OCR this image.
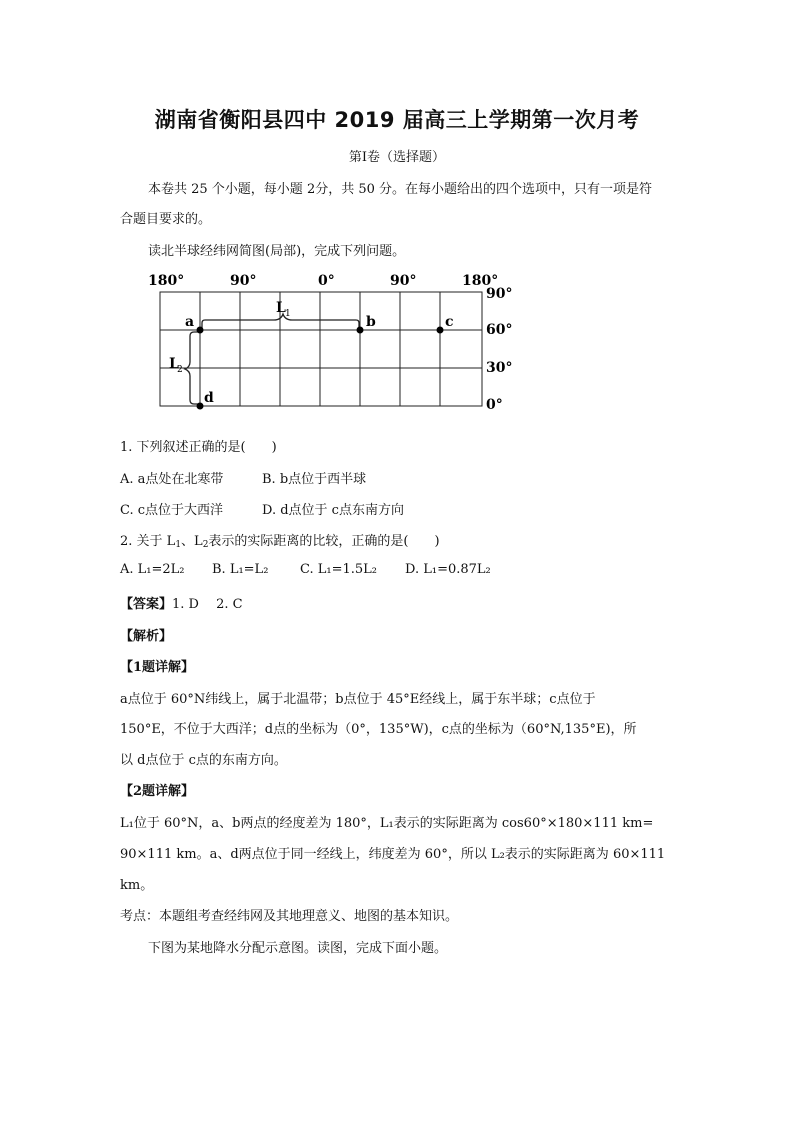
湖南省衡阳县四中 2019 届高三上学期第一次月考
第Ⅰ卷（选择题）
本卷共 25 个小题，每小题 2分，共 50 分。在每小题给出的四个选项中，只有一项是符
合题目要求的。
读北半球经纬网简图(局部)，完成下列问题。
180°	90°	0°	90°	180°
90°
60°
30°
0°
L 1
L
2
a	b	c
d
1. 下列叙述正确的是(　　)
A. a点处在北寒带	B. b点位于西半球
C. c点位于大西洋	D. d点位于 c点东南方向
2. 关于 $L_1$、$L_2$表示的实际距离的比较，正确的是(　　)
A. L₁=2L₂ B. L₁=L₂ C. L₁=1.5L₂ D. L₁=0.87L₂
【答案】1. D　 2. C
【解析】
【1题详解】
a点位于 60°N纬线上，属于北温带；b点位于 45°E经线上，属于东半球；c点位于
150°E，不位于大西洋；d点的坐标为（0°，135°W)，c点的坐标为（60°N,135°E)，所
以 d点位于 c点的东南方向。
【2题详解】
L₁位于 60°N，a、b两点的经度差为 180°，L₁表示的实际距离为 cos60°×180×111 km=
90×111 km。a、d两点位于同一经线上，纬度差为 60°，所以 L₂表示的实际距离为 60×111
km。
考点：本题组考查经纬网及其地理意义、地图的基本知识。
下图为某地降水分配示意图。读图，完成下面小题。
